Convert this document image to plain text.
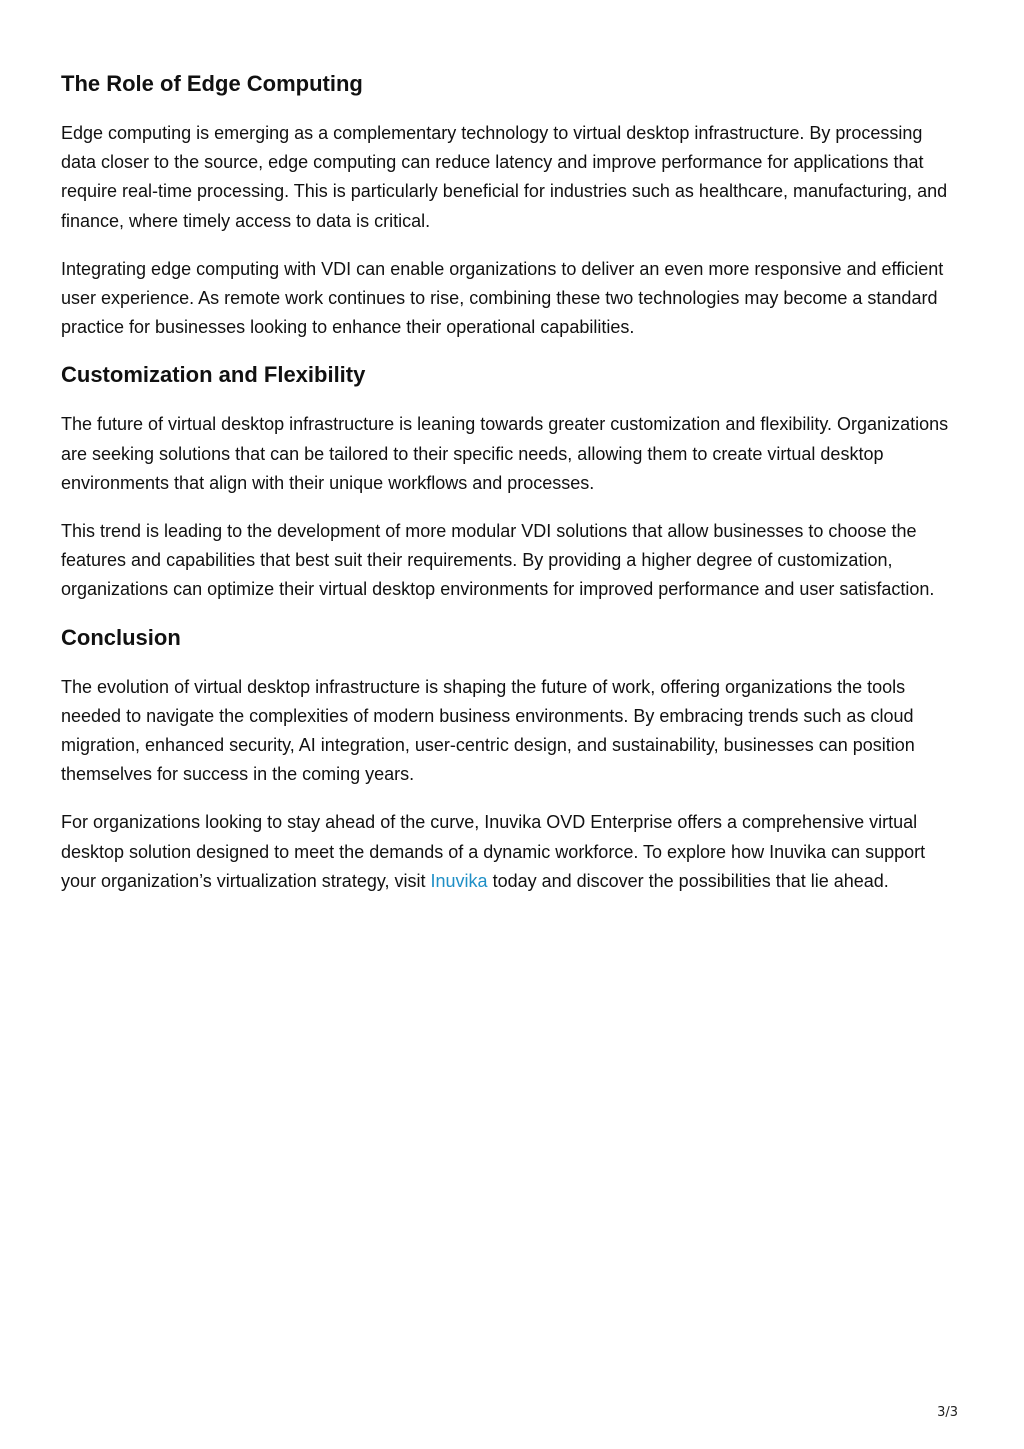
The Role of Edge Computing

Edge computing is emerging as a complementary technology to virtual desktop infrastructure. By processing data closer to the source, edge computing can reduce latency and improve performance for applications that require real-time processing. This is particularly beneficial for industries such as healthcare, manufacturing, and finance, where timely access to data is critical.

Integrating edge computing with VDI can enable organizations to deliver an even more responsive and efficient user experience. As remote work continues to rise, combining these two technologies may become a standard practice for businesses looking to enhance their operational capabilities.

Customization and Flexibility

The future of virtual desktop infrastructure is leaning towards greater customization and flexibility. Organizations are seeking solutions that can be tailored to their specific needs, allowing them to create virtual desktop environments that align with their unique workflows and processes.

This trend is leading to the development of more modular VDI solutions that allow businesses to choose the features and capabilities that best suit their requirements. By providing a higher degree of customization, organizations can optimize their virtual desktop environments for improved performance and user satisfaction.

Conclusion

The evolution of virtual desktop infrastructure is shaping the future of work, offering organizations the tools needed to navigate the complexities of modern business environments. By embracing trends such as cloud migration, enhanced security, AI integration, user-centric design, and sustainability, businesses can position themselves for success in the coming years.

For organizations looking to stay ahead of the curve, Inuvika OVD Enterprise offers a comprehensive virtual desktop solution designed to meet the demands of a dynamic workforce. To explore how Inuvika can support your organization’s virtualization strategy, visit Inuvika today and discover the possibilities that lie ahead.

3/3
